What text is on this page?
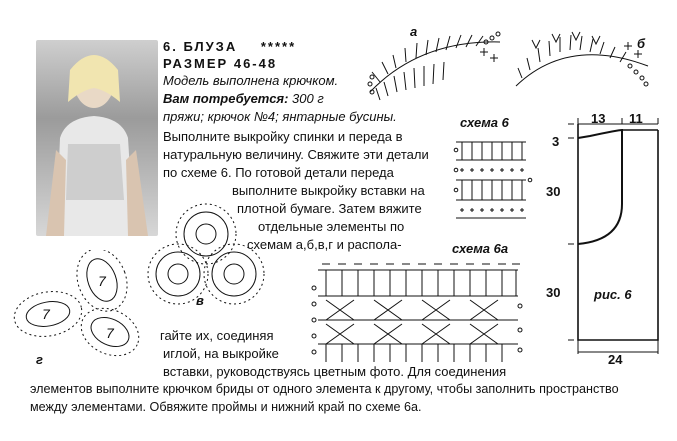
6. БЛУЗА *****
РАЗМЕР 46-48
Модель выполнена крючком.
Вам потребуется: 300 г
пряжи; крючок №4; янтарные бусины.
Выполните выкройку спинки и переда в
натуральную величину. Свяжите эти детали
по схеме 6. По готовой детали переда
выполните выкройку вставки на
плотной бумаге. Затем вяжите
отдельные элементы по
схемам а,б,в,г и распола-
гайте их, соединяя
иглой, на выкройке
вставки, руководствуясь цветным фото. Для соединения
элементов выполните крючком бриды от одного элемента к другому, чтобы заполнить пространство
между элементами. Обвяжите проймы и нижний край по схеме 6а.
а
б
схема 6
схема 6а
в
7
7
7
г
13 11
3
30
30	рис. 6
24
